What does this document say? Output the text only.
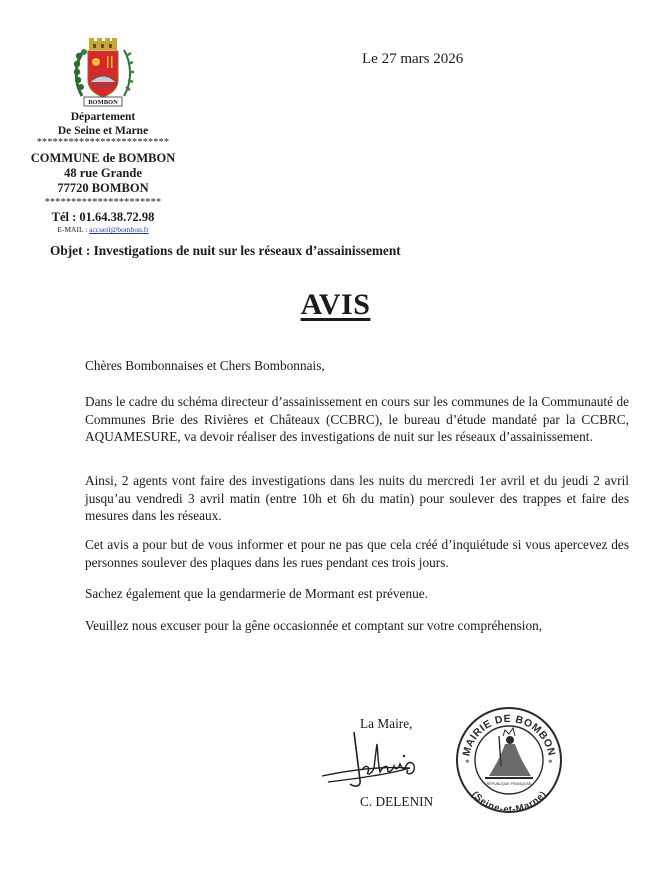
BOMBON
Département
De Seine et Marne
*************************
COMMUNE de BOMBON
48 rue Grande
77720 BOMBON
**********************
Tél : 01.64.38.72.98
E-MAIL : accueil@bombon.fr
Le 27 mars 2026
Objet : Investigations de nuit sur les réseaux d’assainissement
AVIS

Chères Bombonnaises et Chers Bombonnais,

Dans le cadre du schéma directeur d’assainissement en cours sur les communes de la Communauté de Communes Brie des Rivières et Châteaux (CCBRC), le bureau d’étude mandaté par la CCBRC, AQUAMESURE, va devoir réaliser des investigations de nuit sur les réseaux d’assainissement.

Ainsi, 2 agents vont faire des investigations dans les nuits du mercredi 1er avril et du jeudi 2 avril jusqu’au vendredi 3 avril matin (entre 10h et 6h du matin) pour soulever des trappes et faire des mesures dans les réseaux.

Cet avis a pour but de vous informer et pour ne pas que cela créé d’inquiétude si vous apercevez des personnes soulever des plaques dans les rues pendant ces trois jours.

Sachez également que la gendarmerie de Mormant est prévenue.

Veuillez nous excuser pour la gêne occasionnée et comptant sur votre compréhension,

La Maire,
C. DELENIN
MAIRIE DE BOMBON
(Seine-et-Marne)
*	*
RÉPUBLIQUE FRANÇAISE
